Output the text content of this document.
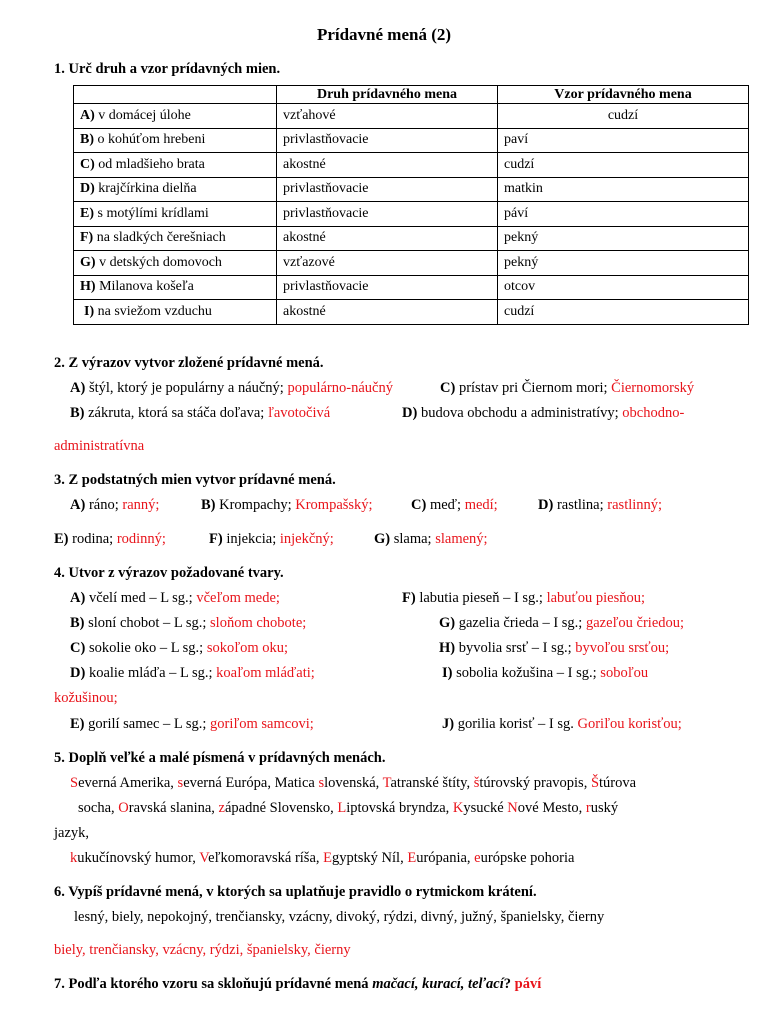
Prídavné mená (2)
1. Urč druh a vzor prídavných mien.
	Druh prídavného mena	Vzor prídavného mena
A) v domácej úlohe	vzťahové	cudzí
B) o kohúťom hrebeni	privlastňovacie	paví
C) od mladšieho brata	akostné	cudzí
D) krajčírkina dielňa	privlastňovacie	matkin
E) s motýlími krídlami	privlastňovacie	páví
F) na sladkých čerešniach	akostné	pekný
G) v detských domovoch	vzťazové	pekný
H) Milanova košeľa	privlastňovacie	otcov
I) na sviežom vzduchu	akostné	cudzí
2. Z výrazov vytvor zložené prídavné mená.
A) štýl, ktorý je populárny a náučný; populárno-náučný	C) prístav pri Čiernom mori; Čiernomorský
B) zákruta, ktorá sa stáča doľava; ľavotočivá	D) budova obchodu a administratívy; obchodno-
administratívna
3. Z podstatných mien vytvor prídavné mená.
A) ráno; ranný;	B) Krompachy; Krompašský;	C) meď; medí;	D) rastlina; rastlinný;
E) rodina; rodinný;	F) injekcia; injekčný;	G) slama; slamený;
4. Utvor z výrazov požadované tvary.
A) včelí med – L sg.; včeľom mede;	F) labutia pieseň – I sg.; labuťou piesňou;
B) sloní chobot – L sg.; sloňom chobote;	G) gazelia črieda – I sg.; gazeľou čriedou;
C) sokolie oko – L sg.; sokoľom oku;	H) byvolia srsť – I sg.; byvoľou srsťou;
D) koalie mláďa – L sg.; koaľom mláďati;	I) sobolia kožušina – I sg.; soboľou
kožušinou;
E) gorilí samec – L sg.; goriľom samcovi;	J) gorilia korisť – I sg. Goriľou korisťou;
5. Doplň veľké a malé písmená v prídavných menách.
Severná Amerika, severná Európa, Matica slovenská, Tatranské štíty, štúrovský pravopis, Štúrova
socha, Oravská slanina, západné Slovensko, Liptovská bryndza, Kysucké Nové Mesto, ruský
jazyk,
kukučínovský humor, Veľkomoravská ríša, Egyptský Níl, Európania, európske pohoria
6. Vypíš prídavné mená, v ktorých sa uplatňuje pravidlo o rytmickom krátení.
lesný, biely, nepokojný, trenčiansky, vzácny, divoký, rýdzi, divný, južný, španielsky, čierny
biely, trenčiansky, vzácny, rýdzi, španielsky, čierny
7. Podľa ktorého vzoru sa skloňujú prídavné mená mačací, kurací, teľací? páví
